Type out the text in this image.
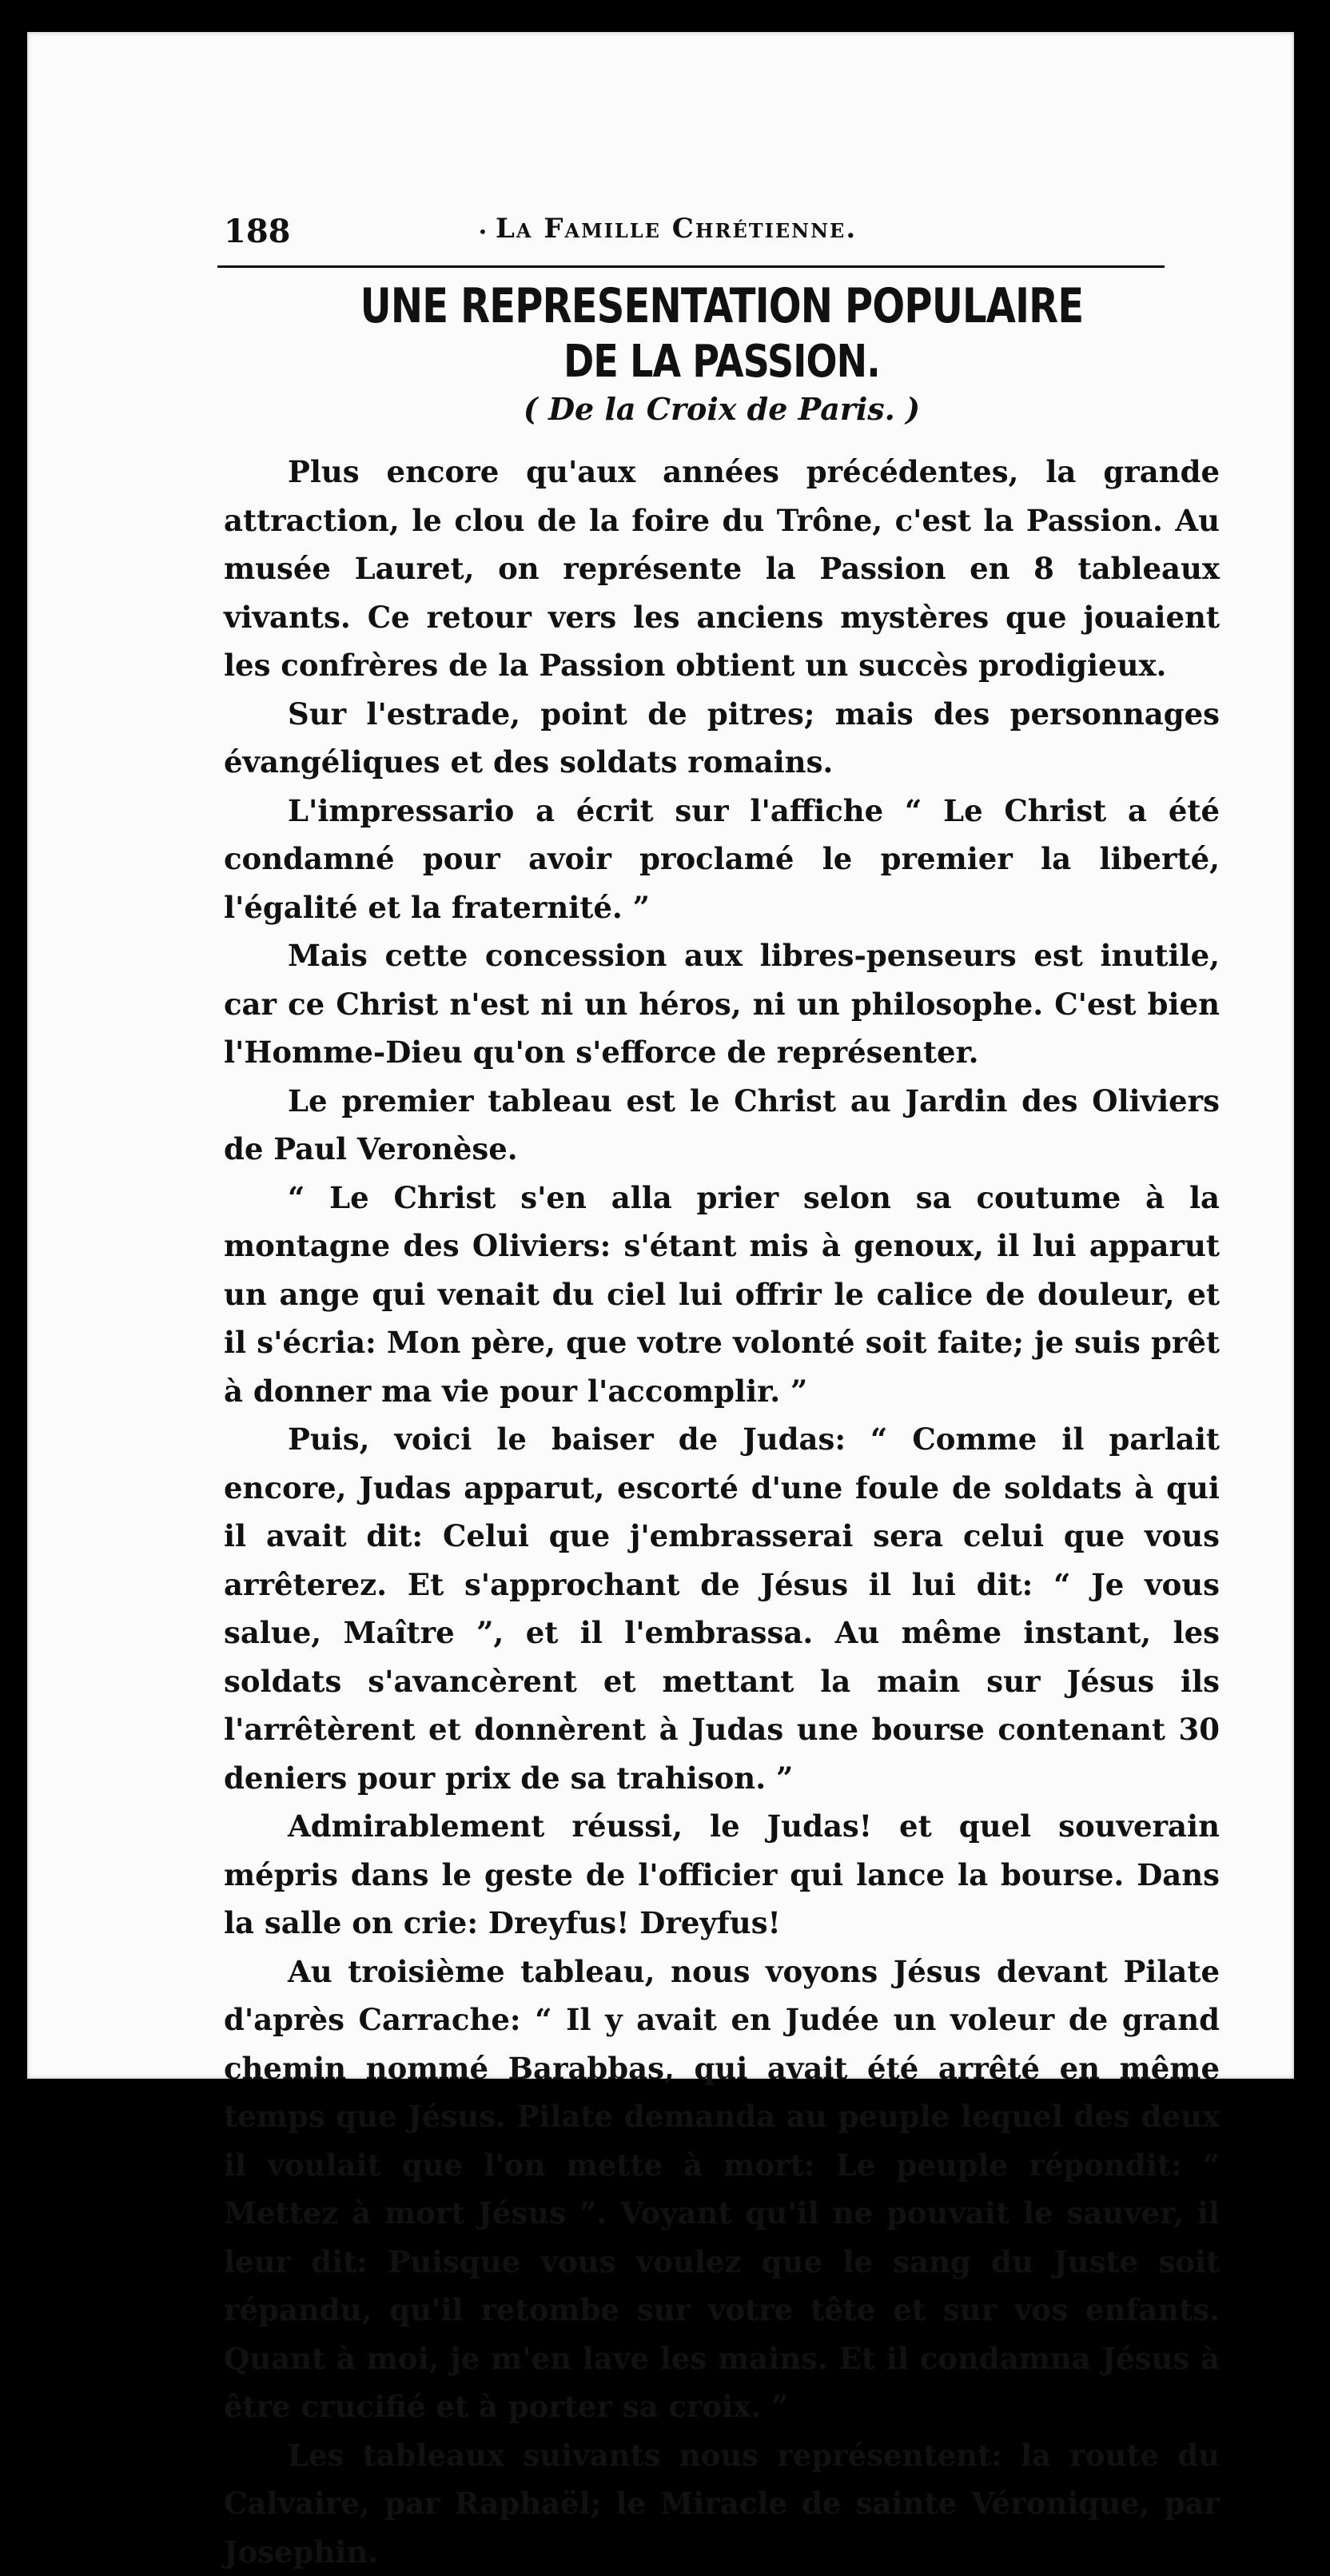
188	• La Famille Chrétienne.
UNE REPRESENTATION POPULAIRE
DE LA PASSION.
( De la Croix de Paris. )

Plus encore qu'aux années précédentes, la grande attraction, le clou de la foire du Trône, c'est la Passion. Au musée Lauret, on représente la Passion en 8 tableaux vivants. Ce retour vers les anciens mystères que jouaient les confrères de la Passion obtient un succès prodigieux.

Sur l'estrade, point de pitres; mais des personnages évangéliques et des soldats romains.

L'impressario a écrit sur l'affiche “ Le Christ a été condamné pour avoir proclamé le premier la liberté, l'égalité et la fraternité. ”

Mais cette concession aux libres-penseurs est inutile, car ce Christ n'est ni un héros, ni un philosophe. C'est bien l'Homme-Dieu qu'on s'efforce de représenter.

Le premier tableau est le Christ au Jardin des Oliviers de Paul Veronèse.

“ Le Christ s'en alla prier selon sa coutume à la montagne des Oliviers: s'étant mis à genoux, il lui apparut un ange qui venait du ciel lui offrir le calice de douleur, et il s'écria: Mon père, que votre volonté soit faite; je suis prêt à donner ma vie pour l'accomplir. ”

Puis, voici le baiser de Judas: “ Comme il parlait encore, Judas apparut, escorté d'une foule de soldats à qui il avait dit: Celui que j'embrasserai sera celui que vous arrêterez. Et s'approchant de Jésus il lui dit: “ Je vous salue, Maître ”, et il l'embrassa. Au même instant, les soldats s'avancèrent et mettant la main sur Jésus ils l'arrêtèrent et donnèrent à Judas une bourse contenant 30 deniers pour prix de sa trahison. ”

Admirablement réussi, le Judas! et quel souverain mépris dans le geste de l'officier qui lance la bourse. Dans la salle on crie: Dreyfus! Dreyfus!

Au troisième tableau, nous voyons Jésus devant Pilate d'après Carrache: “ Il y avait en Judée un voleur de grand chemin nommé Barabbas, qui avait été arrêté en même temps que Jésus. Pilate demanda au peuple lequel des deux il voulait que l'on mette à mort: Le peuple répondit: “ Mettez à mort Jésus ”. Voyant qu'il ne pouvait le sauver, il leur dit: Puisque vous voulez que le sang du Juste soit répandu, qu'il retombe sur votre tête et sur vos enfants. Quant à moi, je m'en lave les mains. Et il condamna Jésus à être crucifié et à porter sa croix. ”

Les tableaux suivants nous représentent: la route du Calvaire, par Raphaël; le Miracle de sainte Véronique, par Josephin.
